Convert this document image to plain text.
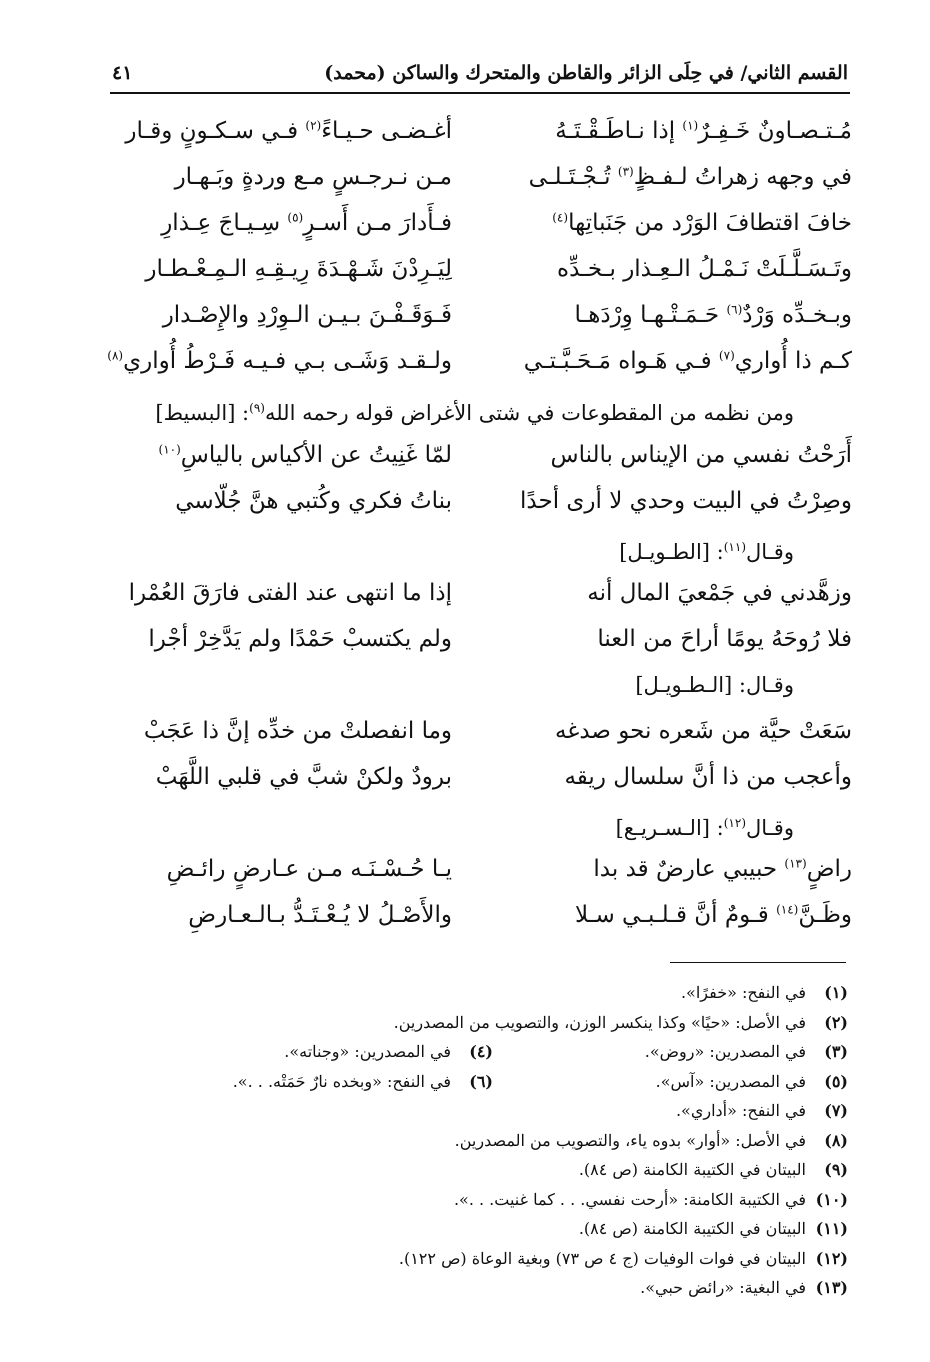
القسم الثاني/ في حِلَى الزائر والقاطن والمتحرك والساكن (محمد)
٤١
مُـتـصـاونٌ خَـفِـرٌ$^{(١)}$ إذا نـاطَـقْـتَـهُ
أغـضـى حـيـاءً$^{(٢)}$ فـي سـكـونٍ وقـار
في وجهه زهراتُ لـفـظٍ$^{(٣)}$ تُـجْـتَـلـى
مـن نـرجـسٍ مـع وردةٍ وبَـهـار
خافَ اقتطافَ الوَرْد من جَنَباتِها$^{(٤)}$
فـأَدارَ مـن أَسـرٍ$^{(٥)}$ سِـيـاجَ عِـذارِ
وتَـسَـلَّـلَتْ نَـمْـلُ الـعِـذار بـخـدِّه
لِيَـرِدْنَ شَـهْـدَةَ رِيـقِـهِ الـمِـعْـطـار
وبـخـدِّه وَرْدٌ$^{(٦)}$ حَـمَـتْـهـا وِرْدَهـا
فَـوَقَـفْـنَ بـيـن الـوِرْدِ والإِصْـدار
كـم ذا أُواري$^{(٧)}$ فـي هَـواه مَـحَـبَّـتـي
ولـقـد وَشَـى بـي فـيـه فَـرْطُ أُواري$^{(٨)}$
ومن نظمه من المقطوعات في شتى الأغراض قوله رحمه الله$^{(٩)}$: [البسيط]
أَرَحْتُ نفسي من الإيناس بالناس
لمّا غَنِيتُ عن الأكياس بالياسِ$^{(١٠)}$
وصِرْتُ في البيت وحدي لا أرى أحدًا
بناتُ فكري وكُتبي هنَّ جُلّاسي
وقـال$^{(١١)}$: [الطـويـل]
وزهَّدني في جَمْعيَ المال أنه
إذا ما انتهى عند الفتى فارَقَ العُمْرا
فلا رُوحَهُ يومًا أراحَ من العنا
ولم يكتسبْ حَمْدًا ولم يَدَّخِرْ أجْرا
وقـال: [الـطـويـل]
سَعَتْ حيَّة من شَعره نحو صدغه
وما انفصلتْ من خدِّه إنَّ ذا عَجَبْ
وأعجب من ذا أنَّ سلسال ريقه
برودٌ ولكنْ شبَّ في قلبي اللَّهَبْ
وقـال$^{(١٢)}$: [الـسـريـع]
راضٍ$^{(١٣)}$ حبيبي عارضٌ قد بدا
يـا حُـسْـنَـه مـن عـارضٍ رائـضِ
وظَـنَّ$^{(١٤)}$ قـومٌ أنَّ قـلـبـي سـلا
والأَصْـلُ لا يُـعْـتَـدُّ بـالـعـارضِ
(١)
في النفح: «خفرًا».
(٢)
في الأصل: «حيًا» وكذا ينكسر الوزن، والتصويب من المصدرين.
(٣)
في المصدرين: «روض».
(٤)
في المصدرين: «وجناته».
(٥)
في المصدرين: «آس».
(٦)
في النفح: «وبخده نارٌ حَمَتْه. . .».
(٧)
في النفح: «أداري».
(٨)
في الأصل: «أوار» بدوه ياء، والتصويب من المصدرين.
(٩)
البيتان في الكتيبة الكامنة (ص ٨٤).
(١٠)
في الكتيبة الكامنة: «أرحت نفسي. . . كما غنيت. . .».
(١١)
البيتان في الكتيبة الكامنة (ص ٨٤).
(١٢)
البيتان في فوات الوفيات (ج ٤ ص ٧٣) وبغية الوعاة (ص ١٢٢).
(١٣)
في البغية: «رائض حبي».
